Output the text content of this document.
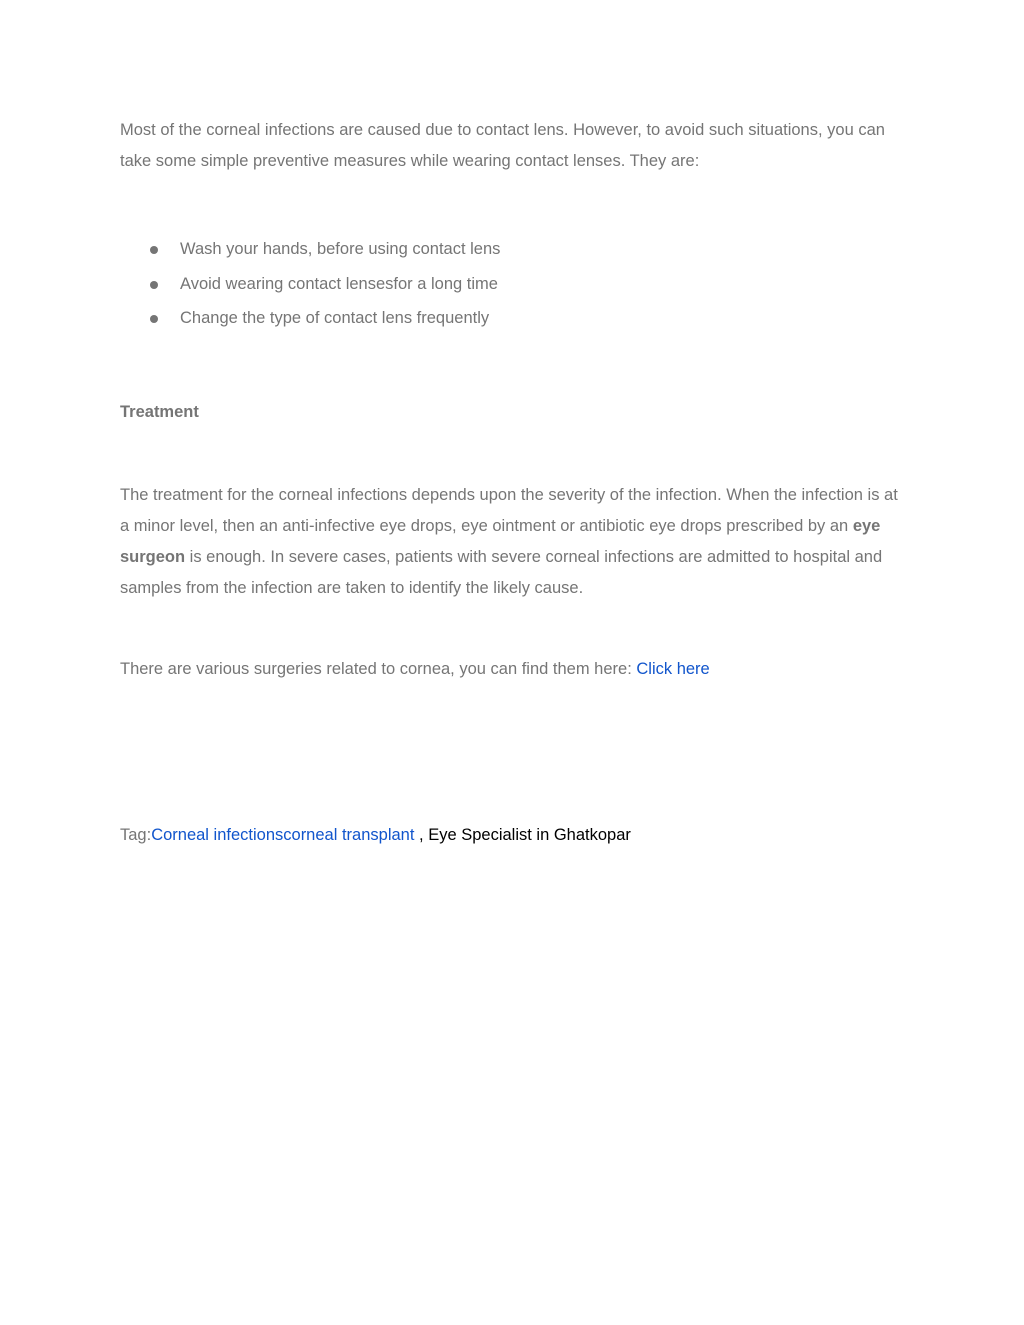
Most of the corneal infections are caused due to contact lens. However, to avoid such situations, you can take some simple preventive measures while wearing contact lenses. They are:

Wash your hands, before using contact lens
Avoid wearing contact lensesfor a long time
Change the type of contact lens frequently
Treatment

The treatment for the corneal infections depends upon the severity of the infection. When the infection is at a minor level, then an anti-infective eye drops, eye ointment or antibiotic eye drops prescribed by an eye surgeon is enough. In severe cases, patients with severe corneal infections are admitted to hospital and samples from the infection are taken to identify the likely cause.

There are various surgeries related to cornea, you can find them here: Click here

Tag:Corneal infectionscorneal transplant , Eye Specialist in Ghatkopar
